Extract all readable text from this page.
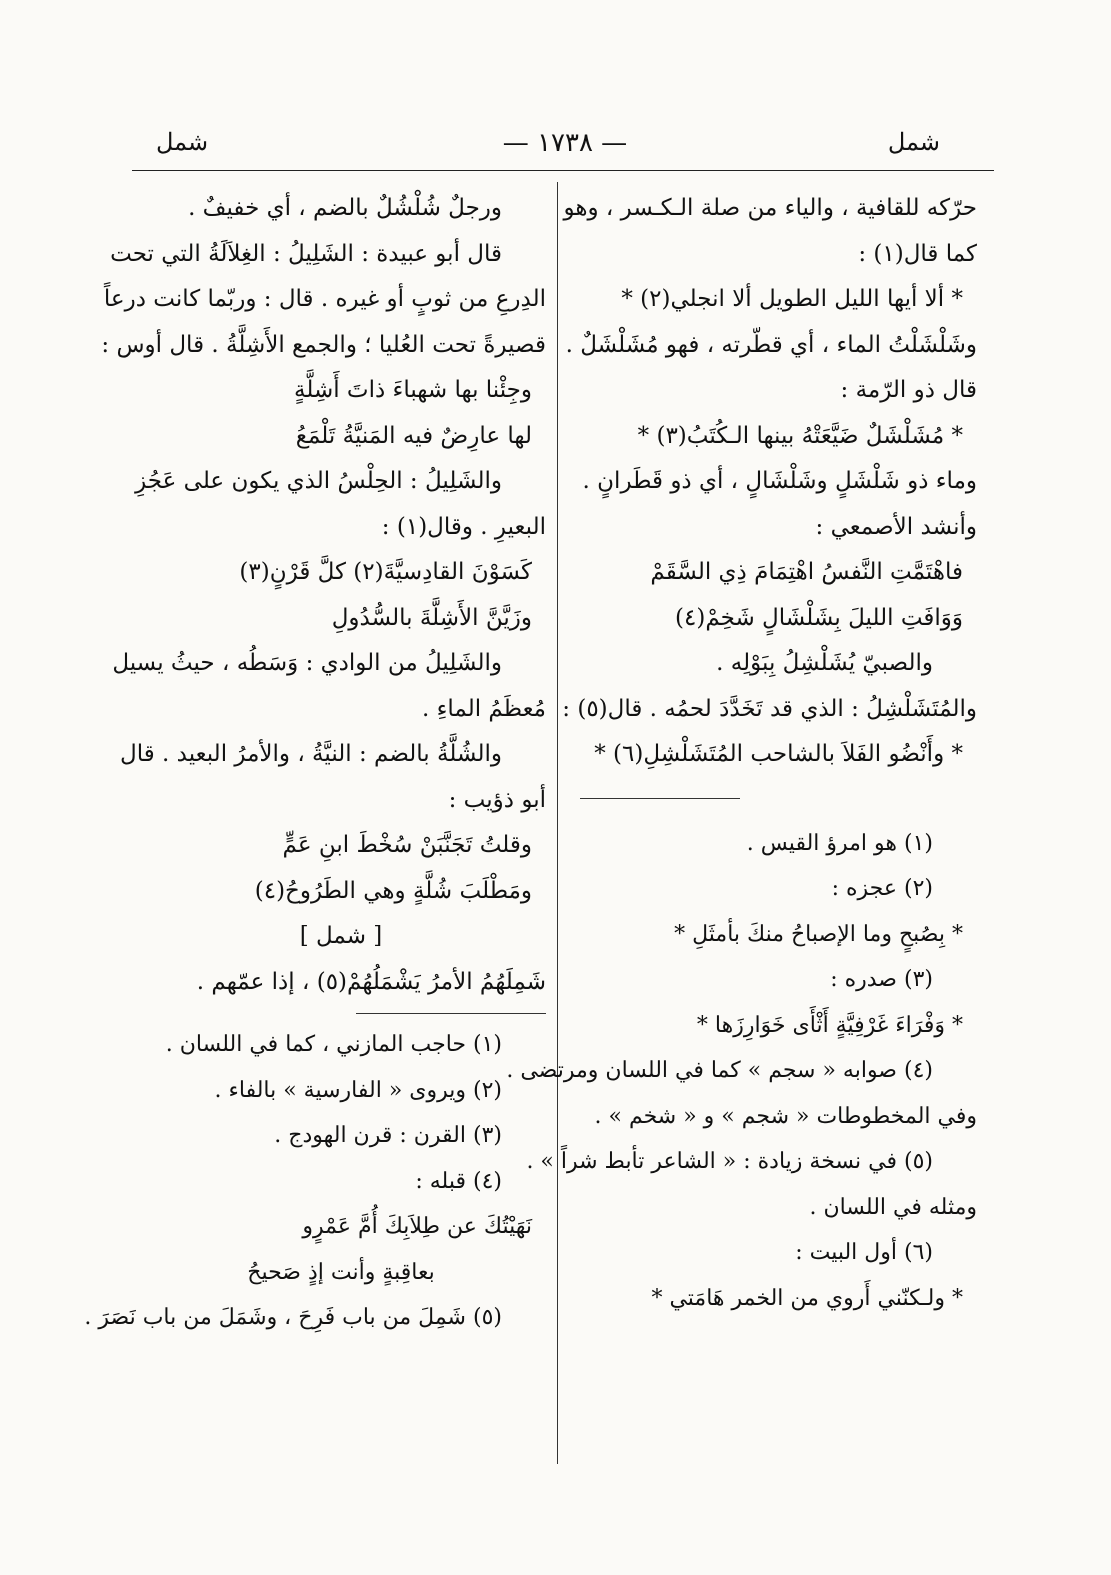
شمل	— ١٧٣٨ —	شمل
حرّكه للقافية ، والياء من صلة الـكـسر ، وهو
كما قال(١) :
* ألا أيها الليل الطويل ألا انجلي(٢) *
وشَلْشَلْتُ الماء ، أي قطّرته ، فهو مُشَلْشَلٌ .
قال ذو الرّمة :
* مُشَلْشَلٌ ضَيَّعَتْهُ بينها الـكُتَبُ(٣) *
وماء ذو شَلْشَلٍ وشَلْشَالٍ ، أي ذو قَطَرانٍ .
وأنشد الأصمعي :
فاهْتَمَّتِ النَّفسُ اهْتِمَامَ ذِي السَّقَمْ
وَوَافَتِ الليلَ بِشَلْشَالٍ شَخِمْ(٤)
والصبيّ يُشَلْشِلُ بِبَوْلِه .
والمُتَشَلْشِلُ : الذي قد تَخَدَّدَ لحمُه . قال(٥) :
* وأَنْضُو الفَلاَ بالشاحب المُتَشَلْشِلِ(٦) *
(١) هو امرؤ القيس .
(٢) عجزه :
* بِصُبحٍ وما الإصباحُ منكَ بأمثَلِ *
(٣) صدره :
* وَفْرَاءَ غَرْفِيَّةٍ أَثْأَى خَوَارِزَها *
(٤) صوابه « سجم » كما في اللسان ومرتضى .
وفي المخطوطات « شجم » و « شخم » .
(٥) في نسخة زيادة : « الشاعر تأبط شراً » .
ومثله في اللسان .
(٦) أول البيت :
* ولـكنّني أَروي من الخمر هَامَتي *
ورجلٌ شُلْشُلٌ بالضم ، أي خفيفٌ .
قال أبو عبيدة : الشَلِيلُ : الغِلاَلَةُ التي تحت
الدِرعِ من ثوبٍ أو غيره . قال : وربّما كانت درعاً
قصيرةً تحت العُليا ؛ والجمع الأَشِلَّةُ . قال أوس :
وجِئْنا بها شهباءَ ذاتَ أَشِلَّةٍ
لها عارِضٌ فيه المَنيَّةُ تَلْمَعُ
والشَلِيلُ : الحِلْسُ الذي يكون على عَجُزِ
البعيرِ . وقال(١) :
كَسَوْنَ القادِسيَّةَ(٢) كلَّ قَرْنٍ(٣)
وزَيَّنَّ الأَشِلَّةَ بالسُّدُولِ
والشَلِيلُ من الوادي : وَسَطُه ، حيثُ يسيل
مُعظَمُ الماءِ .
والشُلَّةُ بالضم : النيَّةُ ، والأمرُ البعيد . قال
أبو ذؤيب :
وقلتُ تَجَنَّبَنْ سُخْطَ ابنِ عَمٍّ
ومَطْلَبَ شُلَّةٍ وهي الطَرُوحُ(٤)
[ شمل ]
شَمِلَهُمُ الأمرُ يَشْمَلُهُمْ(٥) ، إذا عمّهم .
(١) حاجب المازني ، كما في اللسان .
(٢) ويروى « الفارسية » بالفاء .
(٣) القرن : قرن الهودج .
(٤) قبله :
نَهَيْتُكَ عن طِلاَبِكَ أُمَّ عَمْرٍو
بعاقِبةٍ وأنت إذٍ صَحيحُ
(٥) شَمِلَ من باب فَرِحَ ، وشَمَلَ من باب نَصَرَ .
